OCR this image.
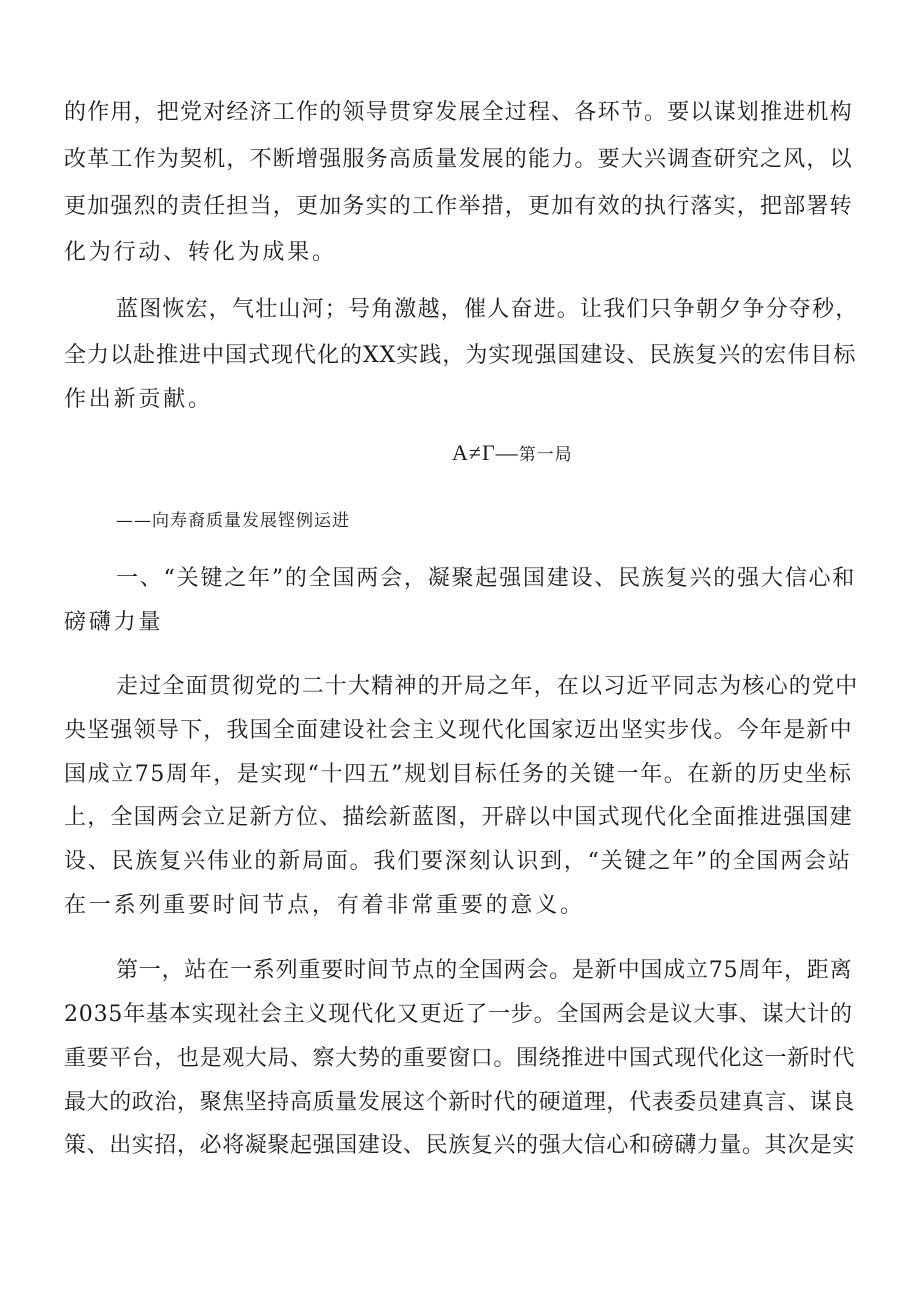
的作用，把党对经济工作的领导贯穿发展全过程、各环节。要以谋划推进机构
改革工作为契机，不断增强服务高质量发展的能力。要大兴调查研究之风，以
更加强烈的责任担当，更加务实的工作举措，更加有效的执行落实，把部署转
化为行动、转化为成果。
蓝图恢宏，气壮山河；号角激越，催人奋进。让我们只争朝夕争分夺秒，
全力以赴推进中国式现代化的XX实践，为实现强国建设、民族复兴的宏伟目标
作出新贡献。
A≠Γ—第一局
——向寿裔质量发展铿例运进
一、“关键之年”的全国两会，凝聚起强国建设、民族复兴的强大信心和
磅礴力量
走过全面贯彻党的二十大精神的开局之年，在以习近平同志为核心的党中
央坚强领导下，我国全面建设社会主义现代化国家迈出坚实步伐。今年是新中
国成立75周年，是实现“十四五”规划目标任务的关键一年。在新的历史坐标
上，全国两会立足新方位、描绘新蓝图，开辟以中国式现代化全面推进强国建
设、民族复兴伟业的新局面。我们要深刻认识到，“关键之年”的全国两会站
在一系列重要时间节点，有着非常重要的意义。
第一，站在一系列重要时间节点的全国两会。是新中国成立75周年，距离
2035年基本实现社会主义现代化又更近了一步。全国两会是议大事、谋大计的
重要平台，也是观大局、察大势的重要窗口。围绕推进中国式现代化这一新时代
最大的政治，聚焦坚持高质量发展这个新时代的硬道理，代表委员建真言、谋良
策、出实招，必将凝聚起强国建设、民族复兴的强大信心和磅礴力量。其次是实
